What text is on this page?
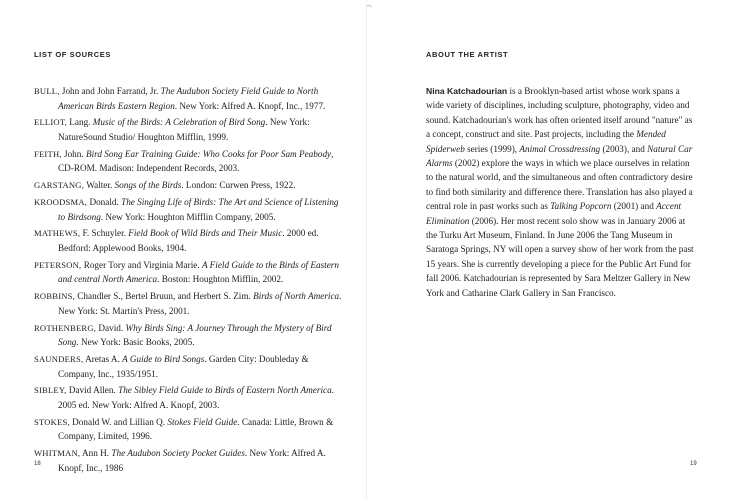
LIST OF SOURCES
BULL, John and John Farrand, Jr. The Audubon Society Field Guide to North American Birds Eastern Region. New York: Alfred A. Knopf, Inc., 1977.
ELLIOT, Lang. Music of the Birds: A Celebration of Bird Song. New York: NatureSound Studio/ Houghton Mifflin, 1999.
FEITH, John. Bird Song Ear Training Guide: Who Cooks for Poor Sam Peabody, CD-ROM. Madison: Independent Records, 2003.
GARSTANG, Walter. Songs of the Birds. London: Curwen Press, 1922.
KROODSMA, Donald. The Singing Life of Birds: The Art and Science of Listening to Birdsong. New York: Houghton Mifflin Company, 2005.
MATHEWS, F. Schuyler. Field Book of Wild Birds and Their Music. 2000 ed. Bedford: Applewood Books, 1904.
PETERSON, Roger Tory and Virginia Marie. A Field Guide to the Birds of Eastern and central North America. Boston: Houghton Mifflin, 2002.
ROBBINS, Chandler S., Bertel Bruun, and Herbert S. Zim. Birds of North America. New York: St. Martin's Press, 2001.
ROTHENBERG, David. Why Birds Sing: A Journey Through the Mystery of Bird Song. New York: Basic Books, 2005.
SAUNDERS, Aretas A. A Guide to Bird Songs. Garden City: Doubleday & Company, Inc., 1935/1951.
SIBLEY, David Allen. The Sibley Field Guide to Birds of Eastern North America. 2005 ed. New York: Alfred A. Knopf, 2003.
STOKES, Donald W. and Lillian Q. Stokes Field Guide. Canada: Little, Brown & Company, Limited, 1996.
WHITMAN, Ann H. The Audubon Society Pocket Guides. New York: Alfred A. Knopf, Inc., 1986
18
ABOUT THE ARTIST
Nina Katchadourian is a Brooklyn-based artist whose work spans a wide variety of disciplines, including sculpture, photography, video and sound. Katchadourian's work has often oriented itself around "nature" as a concept, construct and site. Past projects, including the Mended Spiderweb series (1999), Animal Crossdressing (2003), and Natural Car Alarms (2002) explore the ways in which we place ourselves in relation to the natural world, and the simultaneous and often contradictory desire to find both similarity and difference there. Translation has also played a central role in past works such as Talking Popcorn (2001) and Accent Elimination (2006). Her most recent solo show was in January 2006 at the Turku Art Museum, Finland. In June 2006 the Tang Museum in Saratoga Springs, NY will open a survey show of her work from the past 15 years. She is currently developing a piece for the Public Art Fund for fall 2006. Katchadourian is represented by Sara Meltzer Gallery in New York and Catharine Clark Gallery in San Francisco.
19
